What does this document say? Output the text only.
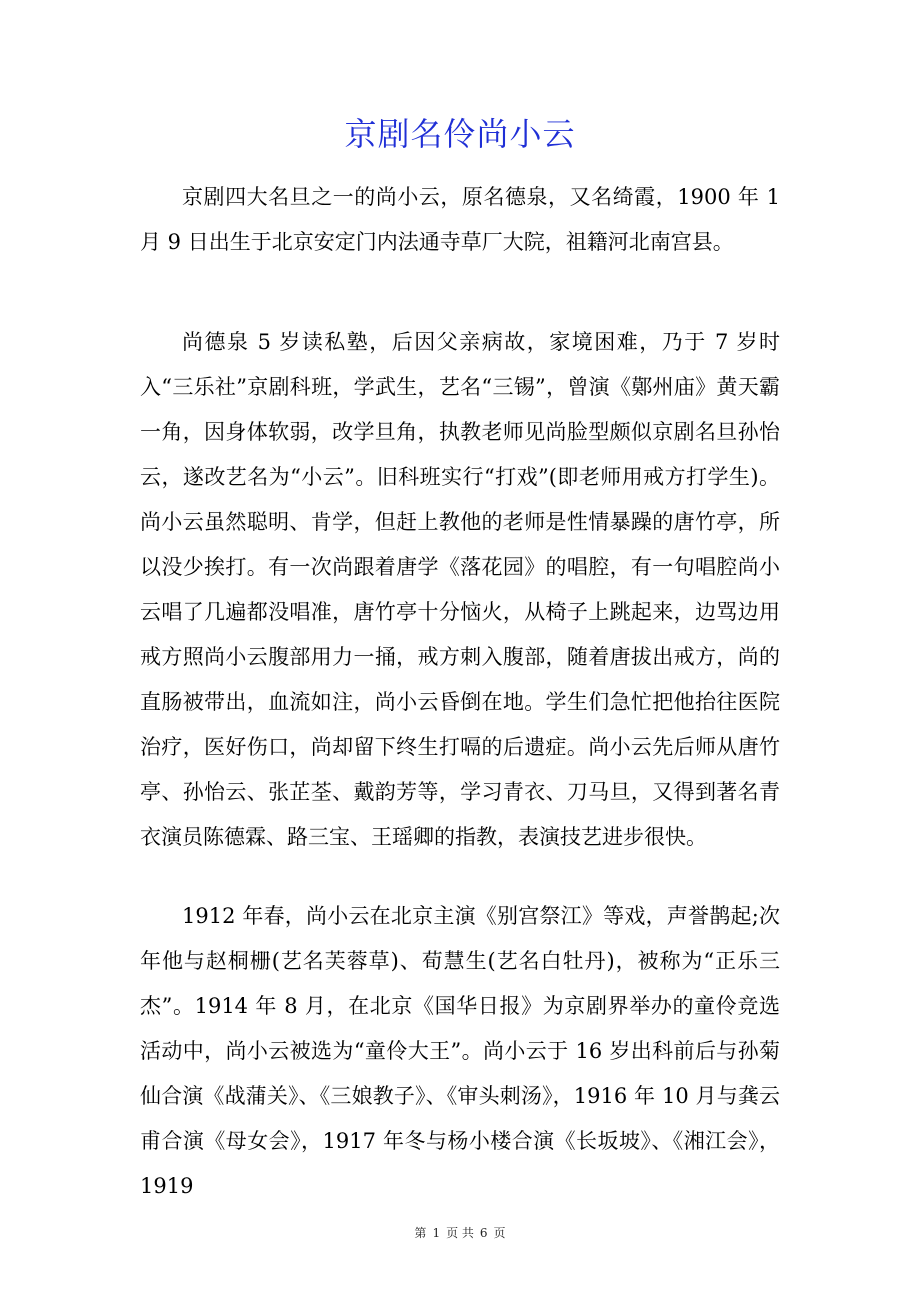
京剧名伶尚小云

京剧四大名旦之一的尚小云，原名德泉，又名绮霞，1900 年 1 月 9 日出生于北京安定门内法通寺草厂大院，祖籍河北南宫县。

尚德泉 5 岁读私塾，后因父亲病故，家境困难，乃于 7 岁时入“三乐社”京剧科班，学武生，艺名“三锡”，曾演《鄚州庙》黄天霸一角，因身体软弱，改学旦角，执教老师见尚脸型颇似京剧名旦孙怡云，遂改艺名为“小云”。旧科班实行“打戏”(即老师用戒方打学生)。尚小云虽然聪明、肯学，但赶上教他的老师是性情暴躁的唐竹亭，所以没少挨打。有一次尚跟着唐学《落花园》的唱腔，有一句唱腔尚小云唱了几遍都没唱准，唐竹亭十分恼火，从椅子上跳起来，边骂边用戒方照尚小云腹部用力一捅，戒方刺入腹部，随着唐拔出戒方，尚的直肠被带出，血流如注，尚小云昏倒在地。学生们急忙把他抬往医院治疗，医好伤口，尚却留下终生打嗝的后遗症。尚小云先后师从唐竹亭、孙怡云、张芷荃、戴韵芳等，学习青衣、刀马旦，又得到著名青衣演员陈德霖、路三宝、王瑶卿的指教，表演技艺进步很快。

1912 年春，尚小云在北京主演《别宫祭江》等戏，声誉鹊起;次年他与赵桐栅(艺名芙蓉草)、荀慧生(艺名白牡丹)，被称为“正乐三杰”。1914 年 8 月，在北京《国华日报》为京剧界举办的童伶竞选活动中，尚小云被选为“童伶大王”。尚小云于 16 岁出科前后与孙菊仙合演《战蒲关》、《三娘教子》、《审头刺汤》，1916 年 10 月与龚云甫合演《母女会》，1917 年冬与杨小楼合演《长坂坡》、《湘江会》，1919

第 1 页 共 6 页
